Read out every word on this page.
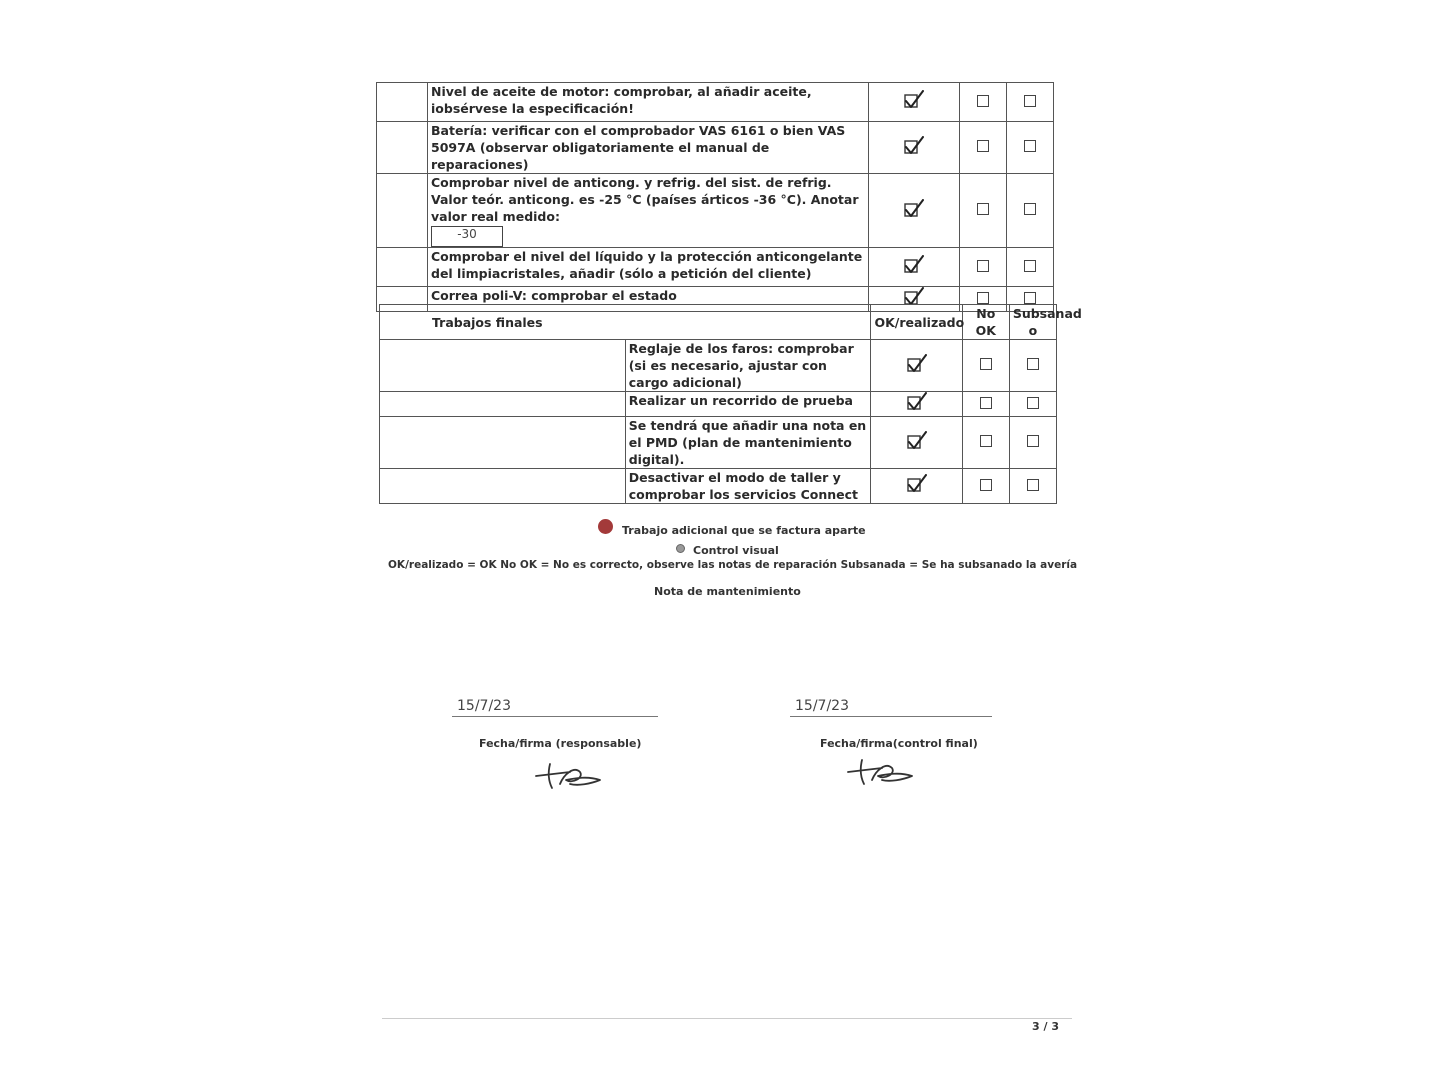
	Nivel de aceite de motor: comprobar, al añadir aceite, iobsérvese la especificación!			
	Batería: verificar con el comprobador VAS 6161 o bien VAS 5097A (observar obligatoriamente el manual de reparaciones)			
	Comprobar nivel de anticong. y refrig. del sist. de refrig. Valor teór. anticong. es -25 °C (países árticos -36 °C). Anotar valor real medido:
-30

	Comprobar el nivel del líquido y la protección anticongelante del limpiacristales, añadir (sólo a petición del cliente)			
	Correa poli-V: comprobar el estado			
Trabajos finales		OK/realizado	No OK	Subsanad o
	Reglaje de los faros: comprobar (si es necesario, ajustar con cargo adicional)			
	Realizar un recorrido de prueba			
	Se tendrá que añadir una nota en el PMD (plan de mantenimiento digital).			
	Desactivar el modo de taller y comprobar los servicios Connect			
Trabajo adicional que se factura aparte
Control visual
OK/realizado = OK No OK = No es correcto, observe las notas de reparación Subsanada = Se ha subsanado la avería
Nota de mantenimiento
15/7/23
Fecha/firma (responsable)
15/7/23
Fecha/firma(control final)
3 / 3
